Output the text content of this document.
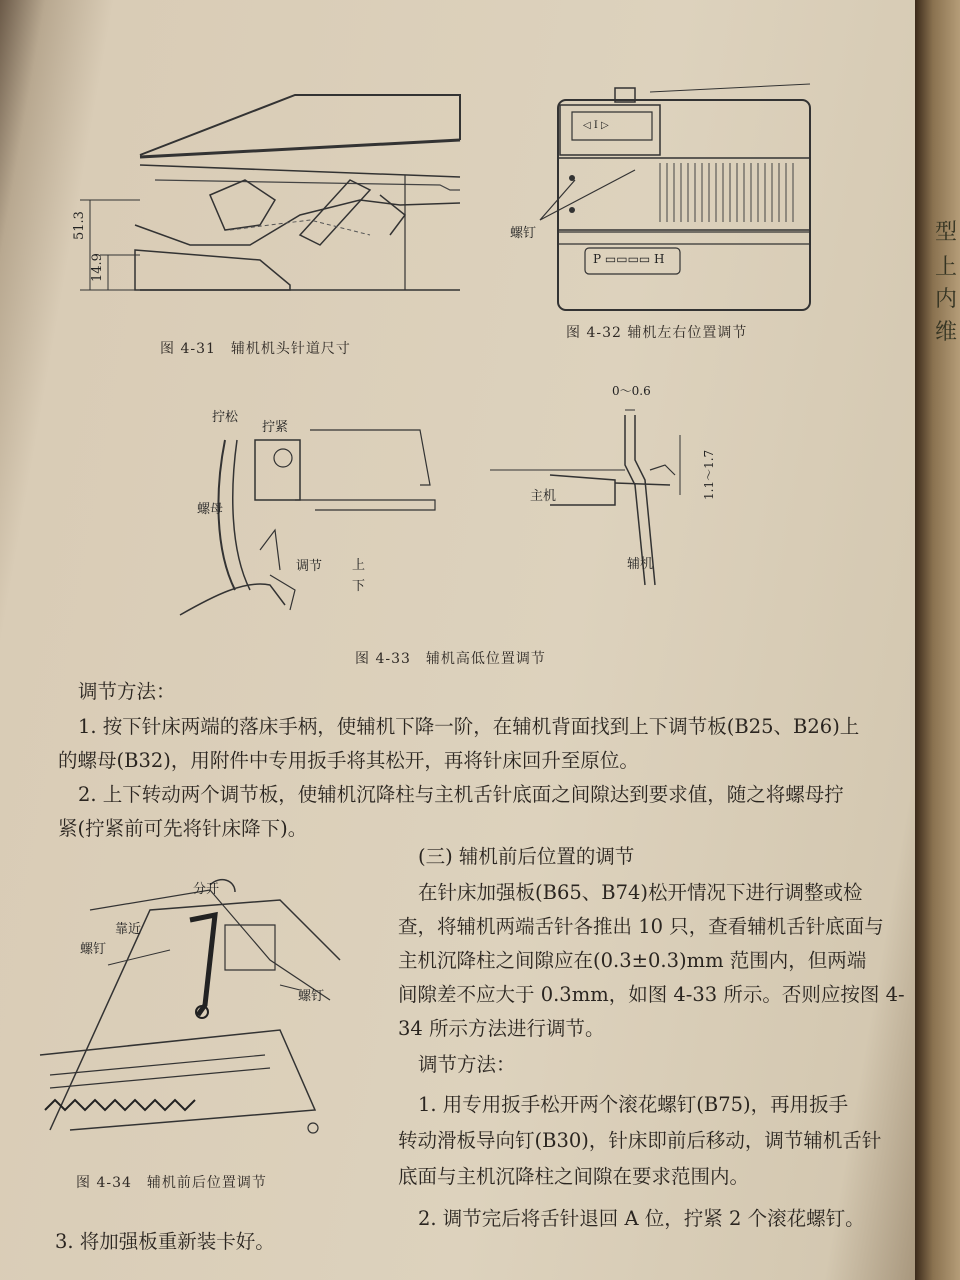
51.3
14.9
图 4-31　辅机机头针道尺寸
◁ I ▷
P ▭▭▭▭ H
螺钉
图 4-32 辅机左右位置调节
拧松
拧紧
螺母
调节 上
下
0～0.6
1.1～1.7
主机
辅机
图 4-33　辅机高低位置调节
调节方法：
1. 按下针床两端的落床手柄，使辅机下降一阶，在辅机背面找到上下调节板(B25、B26)上
的螺母(B32)，用附件中专用扳手将其松开，再将针床回升至原位。
2. 上下转动两个调节板，使辅机沉降柱与主机舌针底面之间隙达到要求值，随之将螺母拧
紧(拧紧前可先将针床降下)。
分开
靠近
螺钉
螺钉
图 4-34　辅机前后位置调节
(三) 辅机前后位置的调节
在针床加强板(B65、B74)松开情况下进行调整或检
查，将辅机两端舌针各推出 10 只，查看辅机舌针底面与
主机沉降柱之间隙应在(0.3±0.3)mm 范围内，但两端
间隙差不应大于 0.3mm，如图 4-33 所示。否则应按图 4-
34 所示方法进行调节。
调节方法：
1. 用专用扳手松开两个滚花螺钉(B75)，再用扳手
转动滑板导向钉(B30)，针床即前后移动，调节辅机舌针
底面与主机沉降柱之间隙在要求范围内。
2. 调节完后将舌针退回 A 位，拧紧 2 个滚花螺钉。
3. 将加强板重新装卡好。
型
上
内
维
